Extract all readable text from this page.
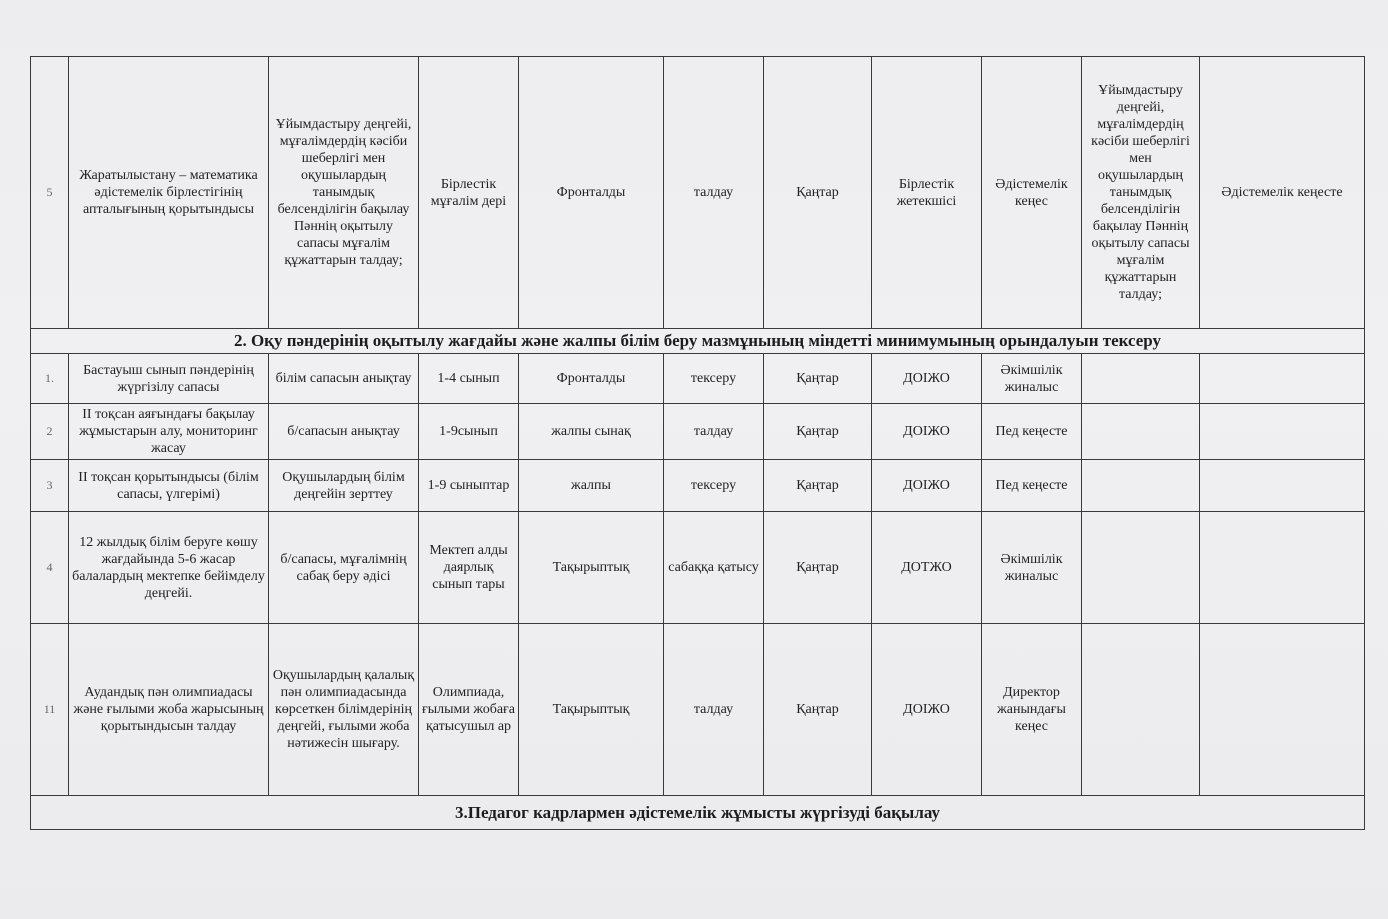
5	Жаратылыстану – математика әдістемелік бірлестігінің апталығының қорытындысы	Ұйымдастыру деңгейі, мұғалімдердің кәсіби шеберлігі мен оқушылардың танымдық белсенділігін бақылау Пәннің оқытылу сапасы мұғалім құжаттарын талдау;	Бірлестік мұғалім дері	Фронталды	талдау	Қаңтар	Бірлестік жетекшісі	Әдістемелік кеңес	Ұйымдастыру деңгейі, мұғалімдердің кәсіби шеберлігі мен оқушылардың танымдық белсенділігін бақылау Пәннің оқытылу сапасы мұғалім құжаттарын талдау;	Әдістемелік кеңесте
2. Оқу пәндерінің оқытылу жағдайы және жалпы білім беру мазмұнының міндетті минимумының орындалуын тексеру										
1.	Бастауыш сынып пәндерінің жүргізілу сапасы	білім сапасын анықтау	1-4 сынып	Фронталды	тексеру	Қаңтар	ДОІЖО	Әкімшілік жиналыс		
2	ІІ тоқсан аяғындағы бақылау жұмыстарын алу, мониторинг жасау	б/сапасын анықтау	1-9сынып	жалпы сынақ	талдау	Қаңтар	ДОІЖО	Пед кеңесте		
3	ІІ тоқсан қорытындысы (білім сапасы, үлгерімі)	Оқушылардың білім деңгейін зерттеу	1-9 сыныптар	жалпы	тексеру	Қаңтар	ДОІЖО	Пед кеңесте		
4	12 жылдық білім беруге көшу жағдайында 5-6 жасар балалардың мектепке бейімделу деңгейі.	б/сапасы, мұғалімнің сабақ беру әдісі	Мектеп алды даярлық сынып тары	Тақырыптық	сабаққа қатысу	Қаңтар	ДОТЖО	Әкімшілік жиналыс		
11	Аудандық пән олимпиадасы және ғылыми жоба жарысының қорытындысын талдау	Оқушылардың қалалық пән олимпиадасында көрсеткен білімдерінің деңгейі, ғылыми жоба нәтижесін шығару.	Олимпиада, ғылыми жобаға қатысушыл ар	Тақырыптық	талдау	Қаңтар	ДОІЖО	Директор жанындағы кеңес		
3.Педагог кадрлармен әдістемелік жұмысты жүргізуді бақылау										
